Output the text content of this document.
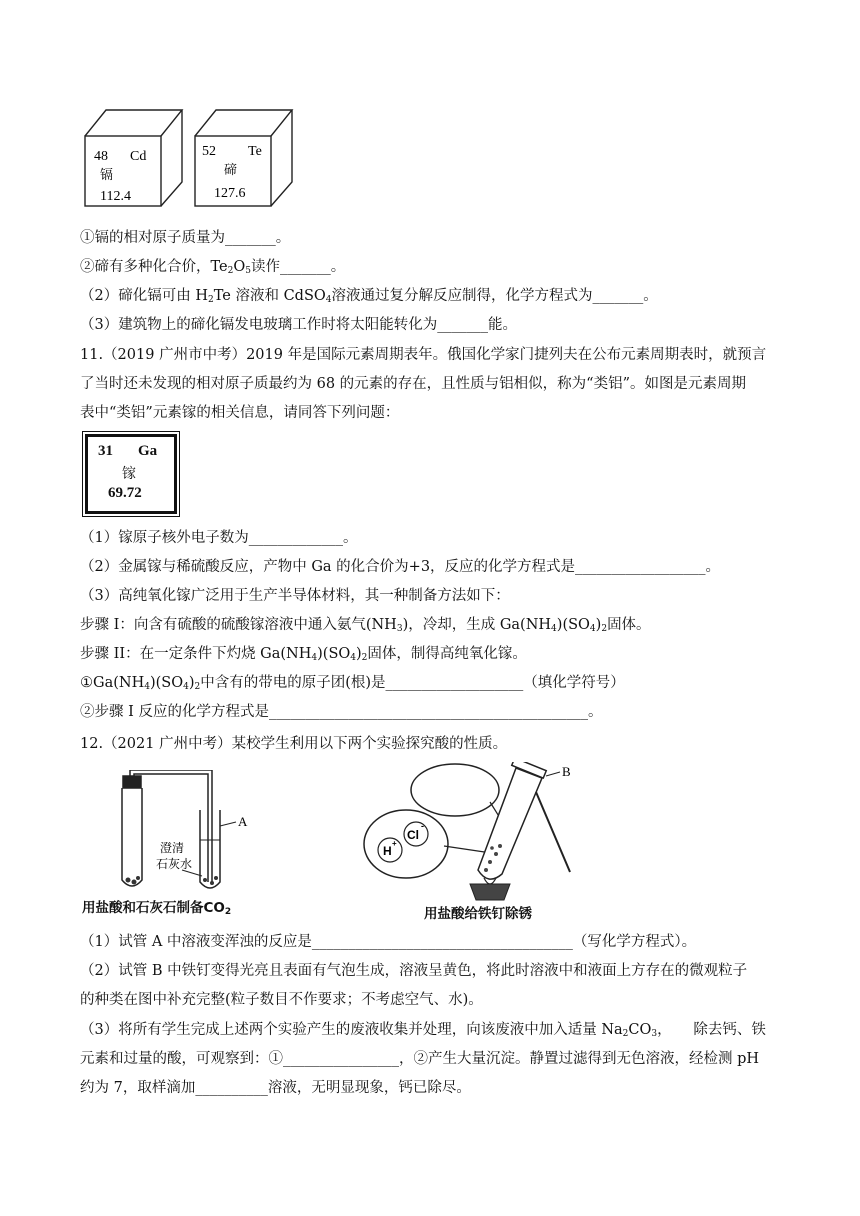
48 Cd
镉
112.4
52 Te
碲
127.6
①镉的相对原子质量为_______。
②碲有多种化合价，$Te_2O_5$读作_______。
（2）碲化镉可由 $H_2Te$ 溶液和 CdSO$_4$溶液通过复分解反应制得，化学方程式为_______。
（3）建筑物上的碲化镉发电玻璃工作时将太阳能转化为_______能。
11.（2019 广州市中考）2019 年是国际元素周期表年。俄国化学家门捷列夫在公布元素周期表时，就预言
了当时还未发现的相对原子质最约为 68 的元素的存在，且性质与铝相似，称为“类铝”。如图是元素周期
表中“类铝”元素镓的相关信息，请同答下列问题：
31 Ga
镓
69.72
（1）镓原子核外电子数为_____________。
（2）金属镓与稀硫酸反应，产物中 Ga 的化合价为+3，反应的化学方程式是__________________。
（3）高纯氧化镓广泛用于生产半导体材料，其一种制备方法如下：
步骤 I：向含有硫酸的硫酸镓溶液中通入氨气$(NH_3)$，冷却，生成 $Ga(NH_4)(SO_4)_2$固体。
步骤 II：在一定条件下灼烧 $Ga(NH_4)(SO_4)_2$固体，制得高纯氧化镓。
$①Ga(NH_4)(SO_4)_2$中含有的带电的原子团(根)是___________________（填化学符号）
②步骤 I 反应的化学方程式是____________________________________________。
12.（2021 广州中考）某校学生利用以下两个实验探究酸的性质。
A
澄清
石灰水
用盐酸和石灰石制备$CO_2$
H
+
Cl
-
B
用盐酸给铁钉除锈
（1）试管 A 中溶液变浑浊的反应是____________________________________（写化学方程式）。
（2）试管 B 中铁钉变得光亮且表面有气泡生成，溶液呈黄色，将此时溶液中和液面上方存在的微观粒子
的种类在图中补充完整(粒子数目不作要求；不考虑空气、水)。
（3）将所有学生完成上述两个实验产生的废液收集并处理，向该废液中加入适量 $Na_2CO_3$，　　除去钙、铁
元素和过量的酸，可观察到：①________________，②产生大量沉淀。静置过滤得到无色溶液，经检测 pH
约为 7，取样滴加__________溶液，无明显现象，钙已除尽。
